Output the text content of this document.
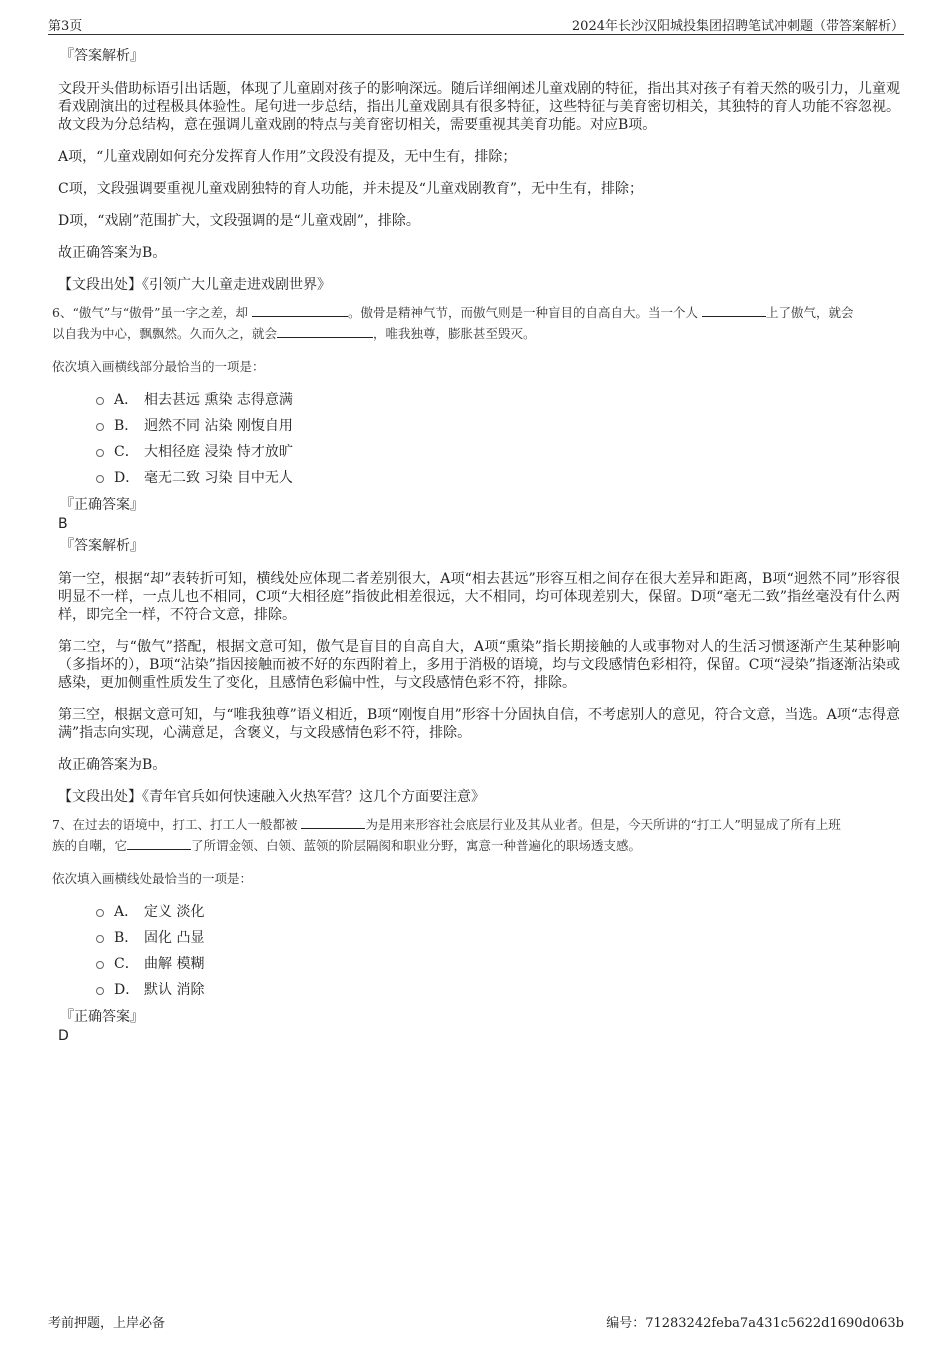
第3页	2024年长沙汉阳城投集团招聘笔试冲刺题（带答案解析）

『答案解析』

文段开头借助标语引出话题，体现了儿童剧对孩子的影响深远。随后详细阐述儿童戏剧的特征，指出其对孩子有着天然的吸引力，儿童观看戏剧演出的过程极具体验性。尾句进一步总结，指出儿童戏剧具有很多特征，这些特征与美育密切相关，其独特的育人功能不容忽视。故文段为分总结构，意在强调儿童戏剧的特点与美育密切相关，需要重视其美育功能。对应B项。

A项，“儿童戏剧如何充分发挥育人作用”文段没有提及，无中生有，排除；

C项，文段强调要重视儿童戏剧独特的育人功能，并未提及“儿童戏剧教育”，无中生有，排除；

D项，“戏剧”范围扩大，文段强调的是“儿童戏剧”，排除。

故正确答案为B。

【文段出处】《引领广大儿童走进戏剧世界》

6、“傲气”与“傲骨”虽一字之差，却	。傲骨是精神气节，而傲气则是一种盲目的自高自大。当一个人	上了傲气，就会
以自我为中心，飘飘然。久而久之，就会	，唯我独尊，膨胀甚至毁灭。

依次填入画横线部分最恰当的一项是：

A． 相去甚远 熏染 志得意满
B． 迥然不同 沾染 刚愎自用
C． 大相径庭 浸染 恃才放旷
D． 毫无二致 习染 目中无人

『正确答案』

B

『答案解析』

第一空，根据“却”表转折可知，横线处应体现二者差别很大，A项“相去甚远”形容互相之间存在很大差异和距离，B项“迥然不同”形容很明显不一样，一点儿也不相同，C项“大相径庭”指彼此相差很远，大不相同，均可体现差别大，保留。D项“毫无二致”指丝毫没有什么两样，即完全一样，不符合文意，排除。

第二空，与“傲气”搭配，根据文意可知，傲气是盲目的自高自大，A项“熏染”指长期接触的人或事物对人的生活习惯逐渐产生某种影响（多指坏的），B项“沾染”指因接触而被不好的东西附着上，多用于消极的语境，均与文段感情色彩相符，保留。C项“浸染”指逐渐沾染或感染，更加侧重性质发生了变化，且感情色彩偏中性，与文段感情色彩不符，排除。

第三空，根据文意可知，与“唯我独尊”语义相近，B项“刚愎自用”形容十分固执自信，不考虑别人的意见，符合文意，当选。A项“志得意满”指志向实现，心满意足，含褒义，与文段感情色彩不符，排除。

故正确答案为B。

【文段出处】《青年官兵如何快速融入火热军营？这几个方面要注意》

7、在过去的语境中，打工、打工人一般都被	为是用来形容社会底层行业及其从业者。但是，今天所讲的“打工人”明显成了所有上班
族的自嘲，它	了所谓金领、白领、蓝领的阶层隔阂和职业分野，寓意一种普遍化的职场透支感。

依次填入画横线处最恰当的一项是：

A． 定义 淡化
B． 固化 凸显
C． 曲解 模糊
D． 默认 消除

『正确答案』

D

考前押题，上岸必备	编号：71283242feba7a431c5622d1690d063b
